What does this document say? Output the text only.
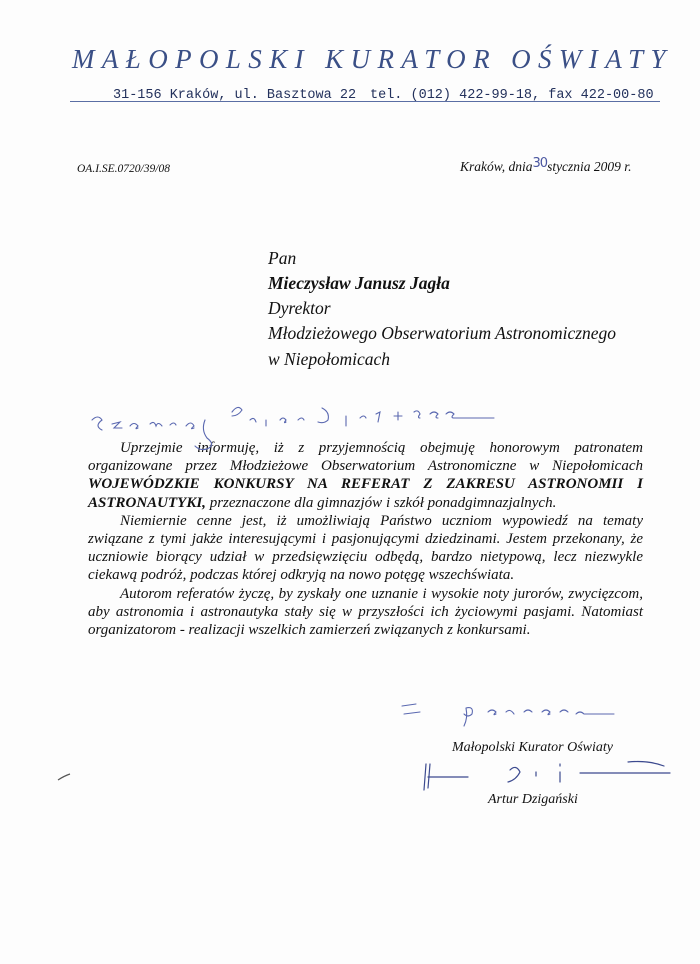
MAŁOPOLSKI KURATOR OŚWIATY
31-156 Kraków, ul. Basztowa 22 tel. (012) 422-99-18, fax 422-00-80
OA.I.SE.0720/39/08	Kraków, dnia30stycznia 2009 r.
Pan
Mieczysław Janusz Jagła
Dyrektor
Młodzieżowego Obserwatorium Astronomicznego
w Niepołomicach

Uprzejmie informuję, iż z przyjemnością obejmuję honorowym patronatem organizowane przez Młodzieżowe Obserwatorium Astronomiczne w Niepołomicach WOJEWÓDZKIE KONKURSY NA REFERAT Z ZAKRESU ASTRONOMII I ASTRONAUTYKI, przeznaczone dla gimnazjów i szkół ponadgimnazjalnych.

Niemiernie cenne jest, iż umożliwiają Państwo uczniom wypowiedź na tematy związane z tymi jakże interesującymi i pasjonującymi dziedzinami. Jestem przekonany, że uczniowie biorący udział w przedsięwzięciu odbędą, bardzo nietypową, lecz niezwykle ciekawą podróż, podczas której odkryją na nowo potęgę wszechświata.

Autorom referatów życzę, by zyskały one uznanie i wysokie noty jurorów, zwycięzcom, aby astronomia i astronautyka stały się w przyszłości ich życiowymi pasjami. Natomiast organizatorom - realizacji wszelkich zamierzeń związanych z konkursami.

Małopolski Kurator Oświaty
Artur Dzigański
